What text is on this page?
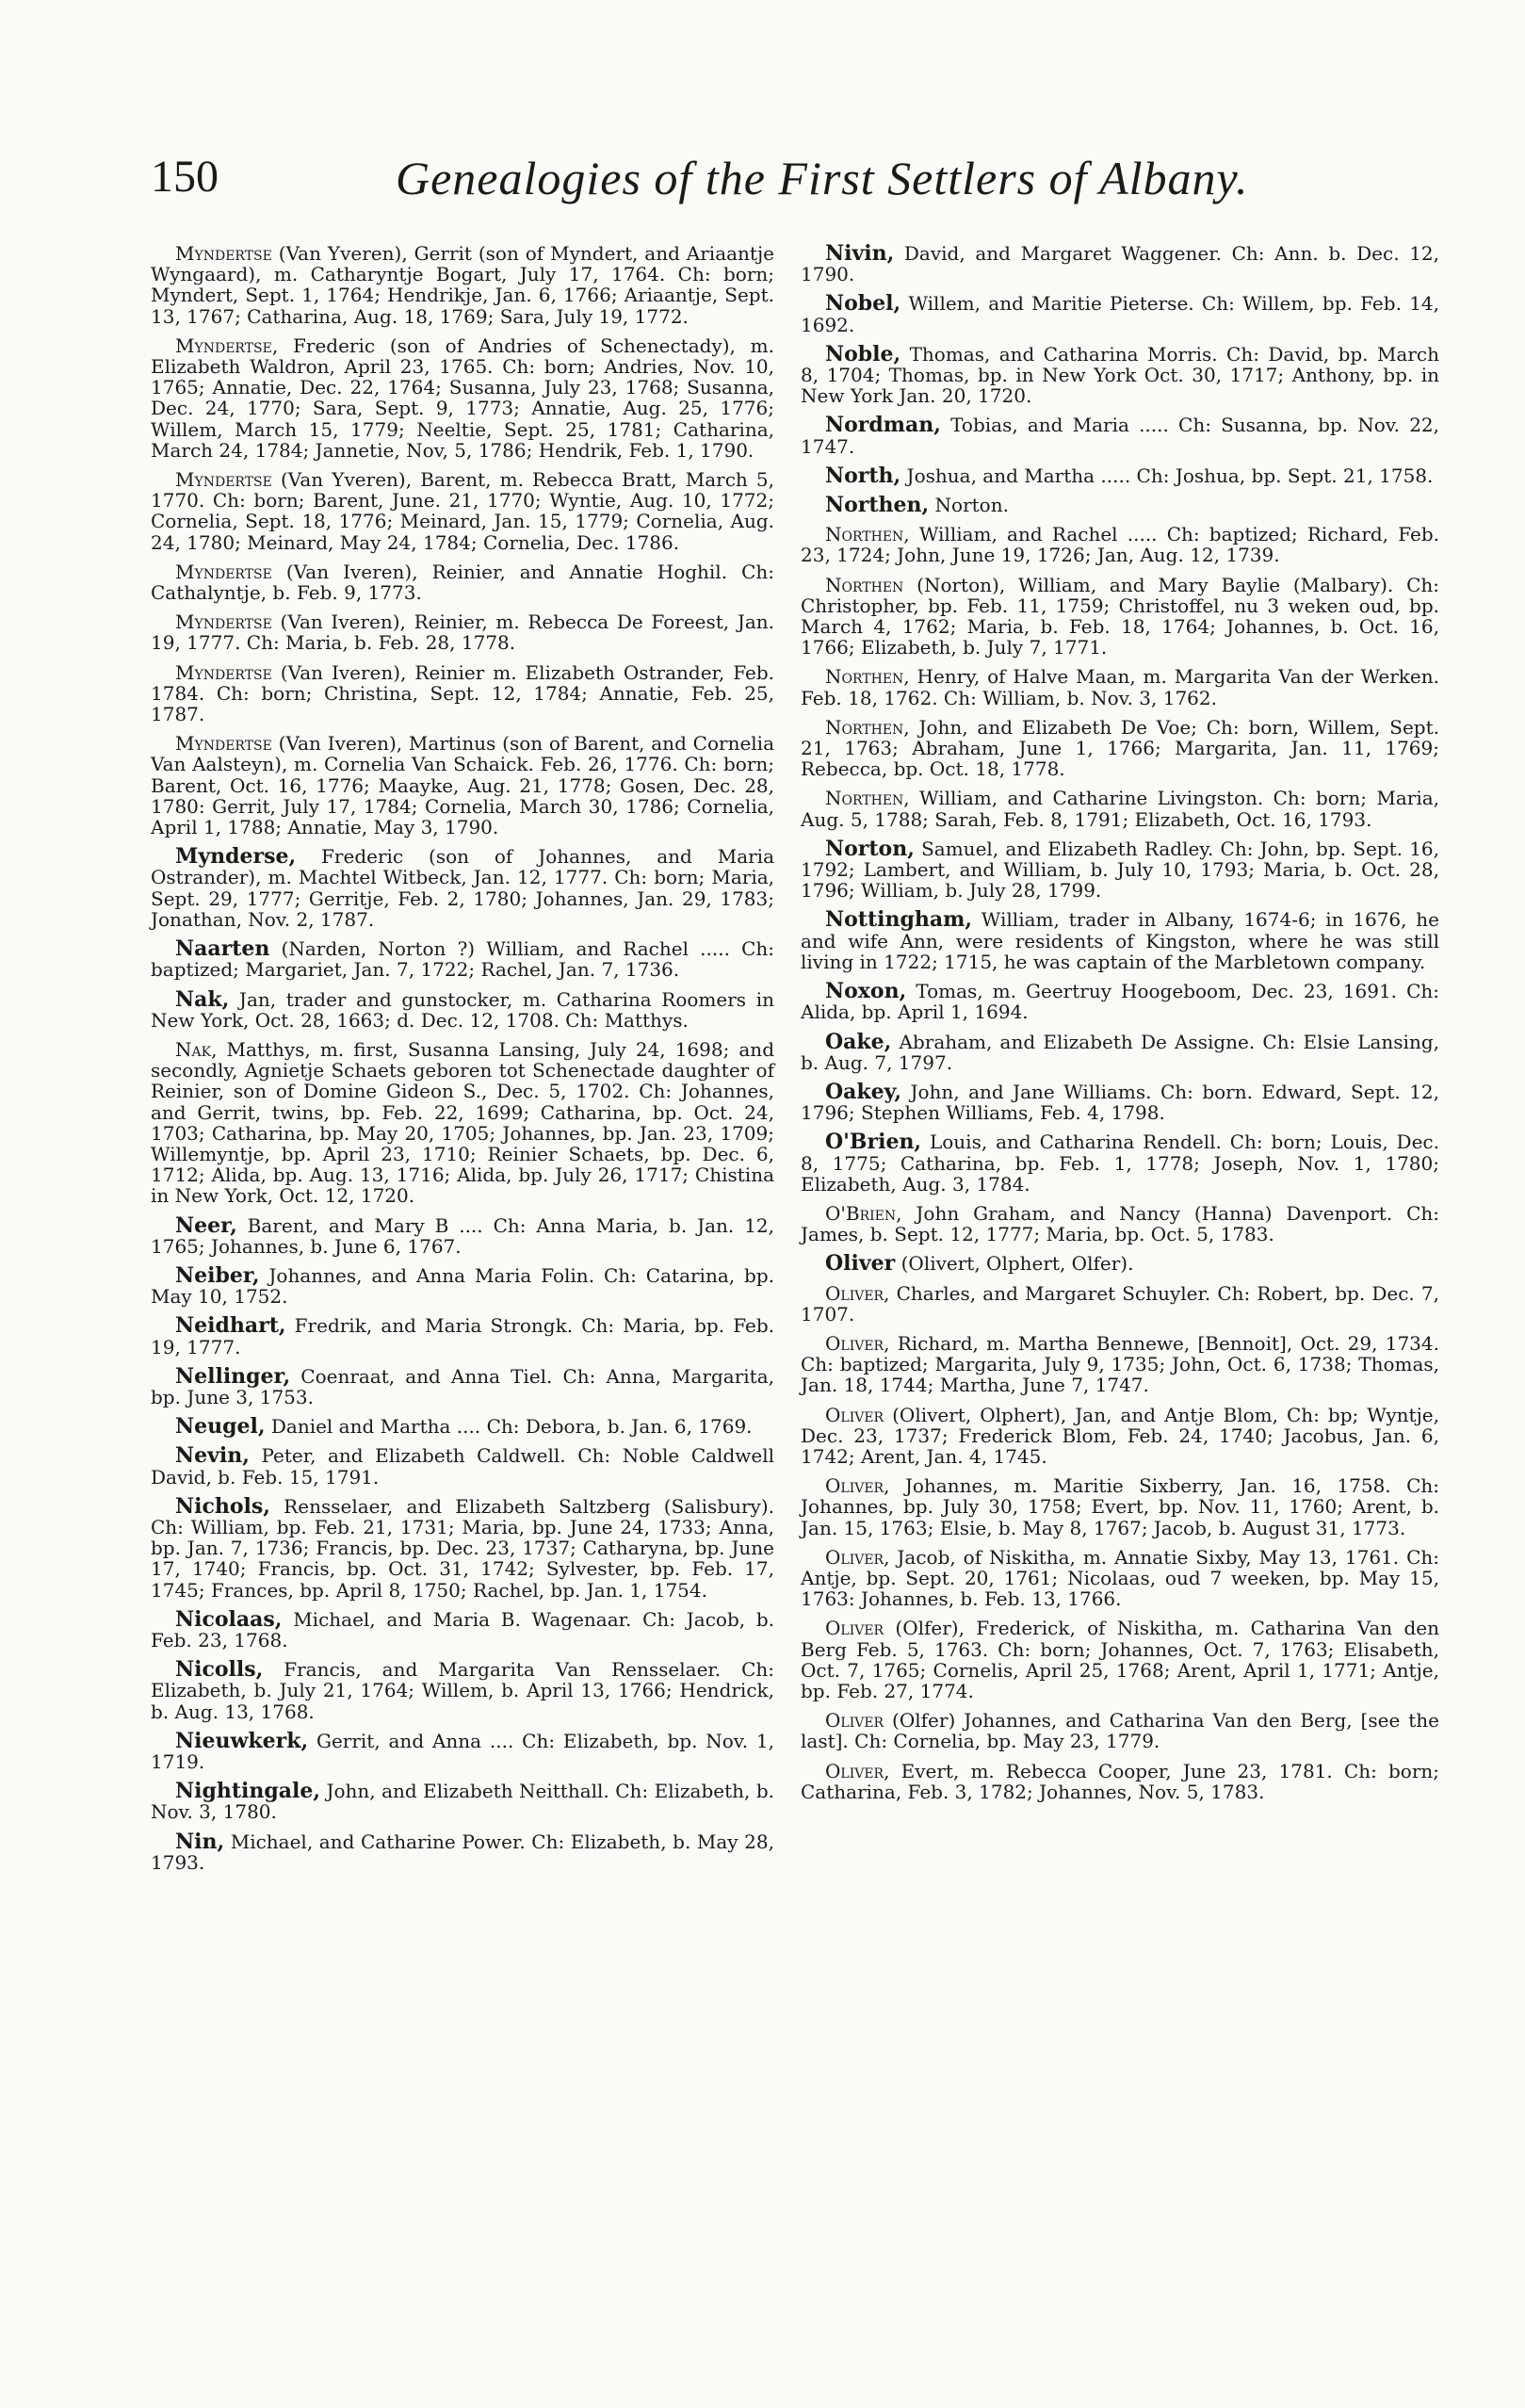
150	Genealogies of the First Settlers of Albany.

Myndertse (Van Yveren), Gerrit (son of Myndert, and Ariaantje Wyngaard), m. Catharyntje Bogart, July 17, 1764. Ch: born; Myndert, Sept. 1, 1764; Hendrikje, Jan. 6, 1766; Ariaantje, Sept. 13, 1767; Catharina, Aug. 18, 1769; Sara, July 19, 1772.

Myndertse, Frederic (son of Andries of Schenectady), m. Elizabeth Waldron, April 23, 1765. Ch: born; Andries, Nov. 10, 1765; Annatie, Dec. 22, 1764; Susanna, July 23, 1768; Susanna, Dec. 24, 1770; Sara, Sept. 9, 1773; Annatie, Aug. 25, 1776; Willem, March 15, 1779; Neeltie, Sept. 25, 1781; Catharina, March 24, 1784; Jannetie, Nov, 5, 1786; Hendrik, Feb. 1, 1790.

Myndertse (Van Yveren), Barent, m. Rebecca Bratt, March 5, 1770. Ch: born; Barent, June. 21, 1770; Wyntie, Aug. 10, 1772; Cornelia, Sept. 18, 1776; Meinard, Jan. 15, 1779; Cornelia, Aug. 24, 1780; Meinard, May 24, 1784; Cornelia, Dec. 1786.

Myndertse (Van Iveren), Reinier, and Annatie Hoghil. Ch: Cathalyntje, b. Feb. 9, 1773.

Myndertse (Van Iveren), Reinier, m. Rebecca De Foreest, Jan. 19, 1777. Ch: Maria, b. Feb. 28, 1778.

Myndertse (Van Iveren), Reinier m. Elizabeth Ostrander, Feb. 1784. Ch: born; Christina, Sept. 12, 1784; Annatie, Feb. 25, 1787.

Myndertse (Van Iveren), Martinus (son of Barent, and Cornelia Van Aalsteyn), m. Cornelia Van Schaick. Feb. 26, 1776. Ch: born; Barent, Oct. 16, 1776; Maayke, Aug. 21, 1778; Gosen, Dec. 28, 1780: Gerrit, July 17, 1784; Cornelia, March 30, 1786; Cornelia, April 1, 1788; Annatie, May 3, 1790.

Mynderse, Frederic (son of Johannes, and Maria Ostrander), m. Machtel Witbeck, Jan. 12, 1777. Ch: born; Maria, Sept. 29, 1777; Gerritje, Feb. 2, 1780; Johannes, Jan. 29, 1783; Jonathan, Nov. 2, 1787.

Naarten (Narden, Norton ?) William, and Rachel ..... Ch: baptized; Margariet, Jan. 7, 1722; Rachel, Jan. 7, 1736.

Nak, Jan, trader and gunstocker, m. Catharina Roomers in New York, Oct. 28, 1663; d. Dec. 12, 1708. Ch: Matthys.

Nak, Matthys, m. first, Susanna Lansing, July 24, 1698; and secondly, Agnietje Schaets geboren tot Schenectade daughter of Reinier, son of Domine Gideon S., Dec. 5, 1702. Ch: Johannes, and Gerrit, twins, bp. Feb. 22, 1699; Catharina, bp. Oct. 24, 1703; Catharina, bp. May 20, 1705; Johannes, bp. Jan. 23, 1709; Willemyntje, bp. April 23, 1710; Reinier Schaets, bp. Dec. 6, 1712; Alida, bp. Aug. 13, 1716; Alida, bp. July 26, 1717; Chistina in New York, Oct. 12, 1720.

Neer, Barent, and Mary B .... Ch: Anna Maria, b. Jan. 12, 1765; Johannes, b. June 6, 1767.

Neiber, Johannes, and Anna Maria Folin. Ch: Catarina, bp. May 10, 1752.

Neidhart, Fredrik, and Maria Strongk. Ch: Maria, bp. Feb. 19, 1777.

Nellinger, Coenraat, and Anna Tiel. Ch: Anna, Margarita, bp. June 3, 1753.

Neugel, Daniel and Martha .... Ch: Debora, b. Jan. 6, 1769.

Nevin, Peter, and Elizabeth Caldwell. Ch: Noble Caldwell David, b. Feb. 15, 1791.

Nichols, Rensselaer, and Elizabeth Saltzberg (Salisbury). Ch: William, bp. Feb. 21, 1731; Maria, bp. June 24, 1733; Anna, bp. Jan. 7, 1736; Francis, bp. Dec. 23, 1737; Catharyna, bp. June 17, 1740; Francis, bp. Oct. 31, 1742; Sylvester, bp. Feb. 17, 1745; Frances, bp. April 8, 1750; Rachel, bp. Jan. 1, 1754.

Nicolaas, Michael, and Maria B. Wagenaar. Ch: Jacob, b. Feb. 23, 1768.

Nicolls, Francis, and Margarita Van Rensselaer. Ch: Elizabeth, b. July 21, 1764; Willem, b. April 13, 1766; Hendrick, b. Aug. 13, 1768.

Nieuwkerk, Gerrit, and Anna .... Ch: Elizabeth, bp. Nov. 1, 1719.

Nightingale, John, and Elizabeth Neitthall. Ch: Elizabeth, b. Nov. 3, 1780.

Nin, Michael, and Catharine Power. Ch: Elizabeth, b. May 28, 1793.

Nivin, David, and Margaret Waggener. Ch: Ann. b. Dec. 12, 1790.

Nobel, Willem, and Maritie Pieterse. Ch: Willem, bp. Feb. 14, 1692.

Noble, Thomas, and Catharina Morris. Ch: David, bp. March 8, 1704; Thomas, bp. in New York Oct. 30, 1717; Anthony, bp. in New York Jan. 20, 1720.

Nordman, Tobias, and Maria ..... Ch: Susanna, bp. Nov. 22, 1747.

North, Joshua, and Martha ..... Ch: Joshua, bp. Sept. 21, 1758.

Northen, Norton.

Northen, William, and Rachel ..... Ch: baptized; Richard, Feb. 23, 1724; John, June 19, 1726; Jan, Aug. 12, 1739.

Northen (Norton), William, and Mary Baylie (Malbary). Ch: Christopher, bp. Feb. 11, 1759; Christoffel, nu 3 weken oud, bp. March 4, 1762; Maria, b. Feb. 18, 1764; Johannes, b. Oct. 16, 1766; Elizabeth, b. July 7, 1771.

Northen, Henry, of Halve Maan, m. Margarita Van der Werken. Feb. 18, 1762. Ch: William, b. Nov. 3, 1762.

Northen, John, and Elizabeth De Voe; Ch: born, Willem, Sept. 21, 1763; Abraham, June 1, 1766; Margarita, Jan. 11, 1769; Rebecca, bp. Oct. 18, 1778.

Northen, William, and Catharine Livingston. Ch: born; Maria, Aug. 5, 1788; Sarah, Feb. 8, 1791; Elizabeth, Oct. 16, 1793.

Norton, Samuel, and Elizabeth Radley. Ch: John, bp. Sept. 16, 1792; Lambert, and William, b. July 10, 1793; Maria, b. Oct. 28, 1796; William, b. July 28, 1799.

Nottingham, William, trader in Albany, 1674-6; in 1676, he and wife Ann, were residents of Kingston, where he was still living in 1722; 1715, he was captain of the Marbletown company.

Noxon, Tomas, m. Geertruy Hoogeboom, Dec. 23, 1691. Ch: Alida, bp. April 1, 1694.

Oake, Abraham, and Elizabeth De Assigne. Ch: Elsie Lansing, b. Aug. 7, 1797.

Oakey, John, and Jane Williams. Ch: born. Edward, Sept. 12, 1796; Stephen Williams, Feb. 4, 1798.

O'Brien, Louis, and Catharina Rendell. Ch: born; Louis, Dec. 8, 1775; Catharina, bp. Feb. 1, 1778; Joseph, Nov. 1, 1780; Elizabeth, Aug. 3, 1784.

O'Brien, John Graham, and Nancy (Hanna) Davenport. Ch: James, b. Sept. 12, 1777; Maria, bp. Oct. 5, 1783.

Oliver (Olivert, Olphert, Olfer).

Oliver, Charles, and Margaret Schuyler. Ch: Robert, bp. Dec. 7, 1707.

Oliver, Richard, m. Martha Bennewe, [Bennoit], Oct. 29, 1734. Ch: baptized; Margarita, July 9, 1735; John, Oct. 6, 1738; Thomas, Jan. 18, 1744; Martha, June 7, 1747.

Oliver (Olivert, Olphert), Jan, and Antje Blom, Ch: bp; Wyntje, Dec. 23, 1737; Frederick Blom, Feb. 24, 1740; Jacobus, Jan. 6, 1742; Arent, Jan. 4, 1745.

Oliver, Johannes, m. Maritie Sixberry, Jan. 16, 1758. Ch: Johannes, bp. July 30, 1758; Evert, bp. Nov. 11, 1760; Arent, b. Jan. 15, 1763; Elsie, b. May 8, 1767; Jacob, b. August 31, 1773.

Oliver, Jacob, of Niskitha, m. Annatie Sixby, May 13, 1761. Ch: Antje, bp. Sept. 20, 1761; Nicolaas, oud 7 weeken, bp. May 15, 1763: Johannes, b. Feb. 13, 1766.

Oliver (Olfer), Frederick, of Niskitha, m. Catharina Van den Berg Feb. 5, 1763. Ch: born; Johannes, Oct. 7, 1763; Elisabeth, Oct. 7, 1765; Cornelis, April 25, 1768; Arent, April 1, 1771; Antje, bp. Feb. 27, 1774.

Oliver (Olfer) Johannes, and Catharina Van den Berg, [see the last]. Ch: Cornelia, bp. May 23, 1779.

Oliver, Evert, m. Rebecca Cooper, June 23, 1781. Ch: born; Catharina, Feb. 3, 1782; Johannes, Nov. 5, 1783.
